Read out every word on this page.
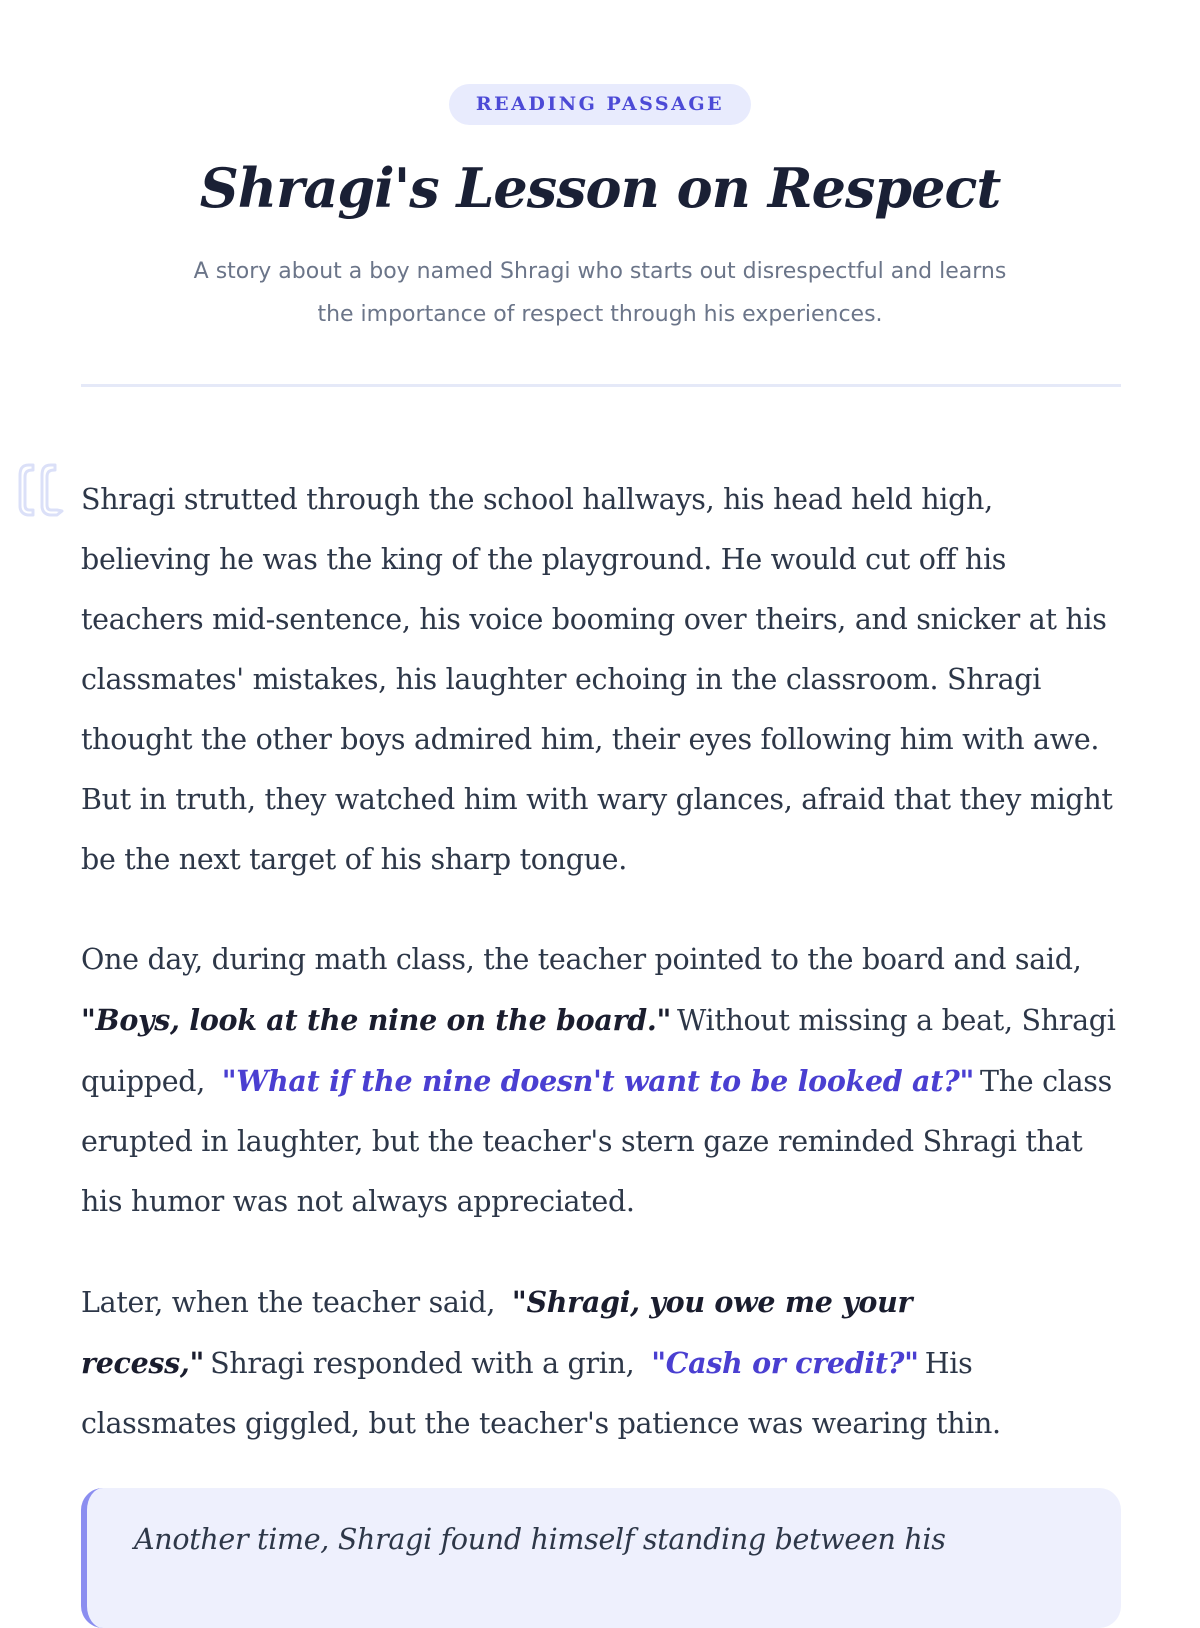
READING PASSAGE
Shragi's Lesson on Respect
A story about a boy named Shragi who starts out disrespectful and learns the importance of respect through his experiences.

Shragi strutted through the school hallways, his head held high, believing he was the king of the playground. He would cut off his teachers mid-sentence, his voice booming over theirs, and snicker at his classmates' mistakes, his laughter echoing in the classroom. Shragi thought the other boys admired him, their eyes following him with awe. But in truth, they watched him with wary glances, afraid that they might be the next target of his sharp tongue.

One day, during math class, the teacher pointed to the board and said, "Boys, look at the nine on the board." Without missing a beat, Shragi quipped, "What if the nine doesn't want to be looked at?" The class erupted in laughter, but the teacher's stern gaze reminded Shragi that his humor was not always appreciated.

Later, when the teacher said, "Shragi, you owe me your recess," Shragi responded with a grin, "Cash or credit?" His classmates giggled, but the teacher's patience was wearing thin.

Another time, Shragi found himself standing between his
